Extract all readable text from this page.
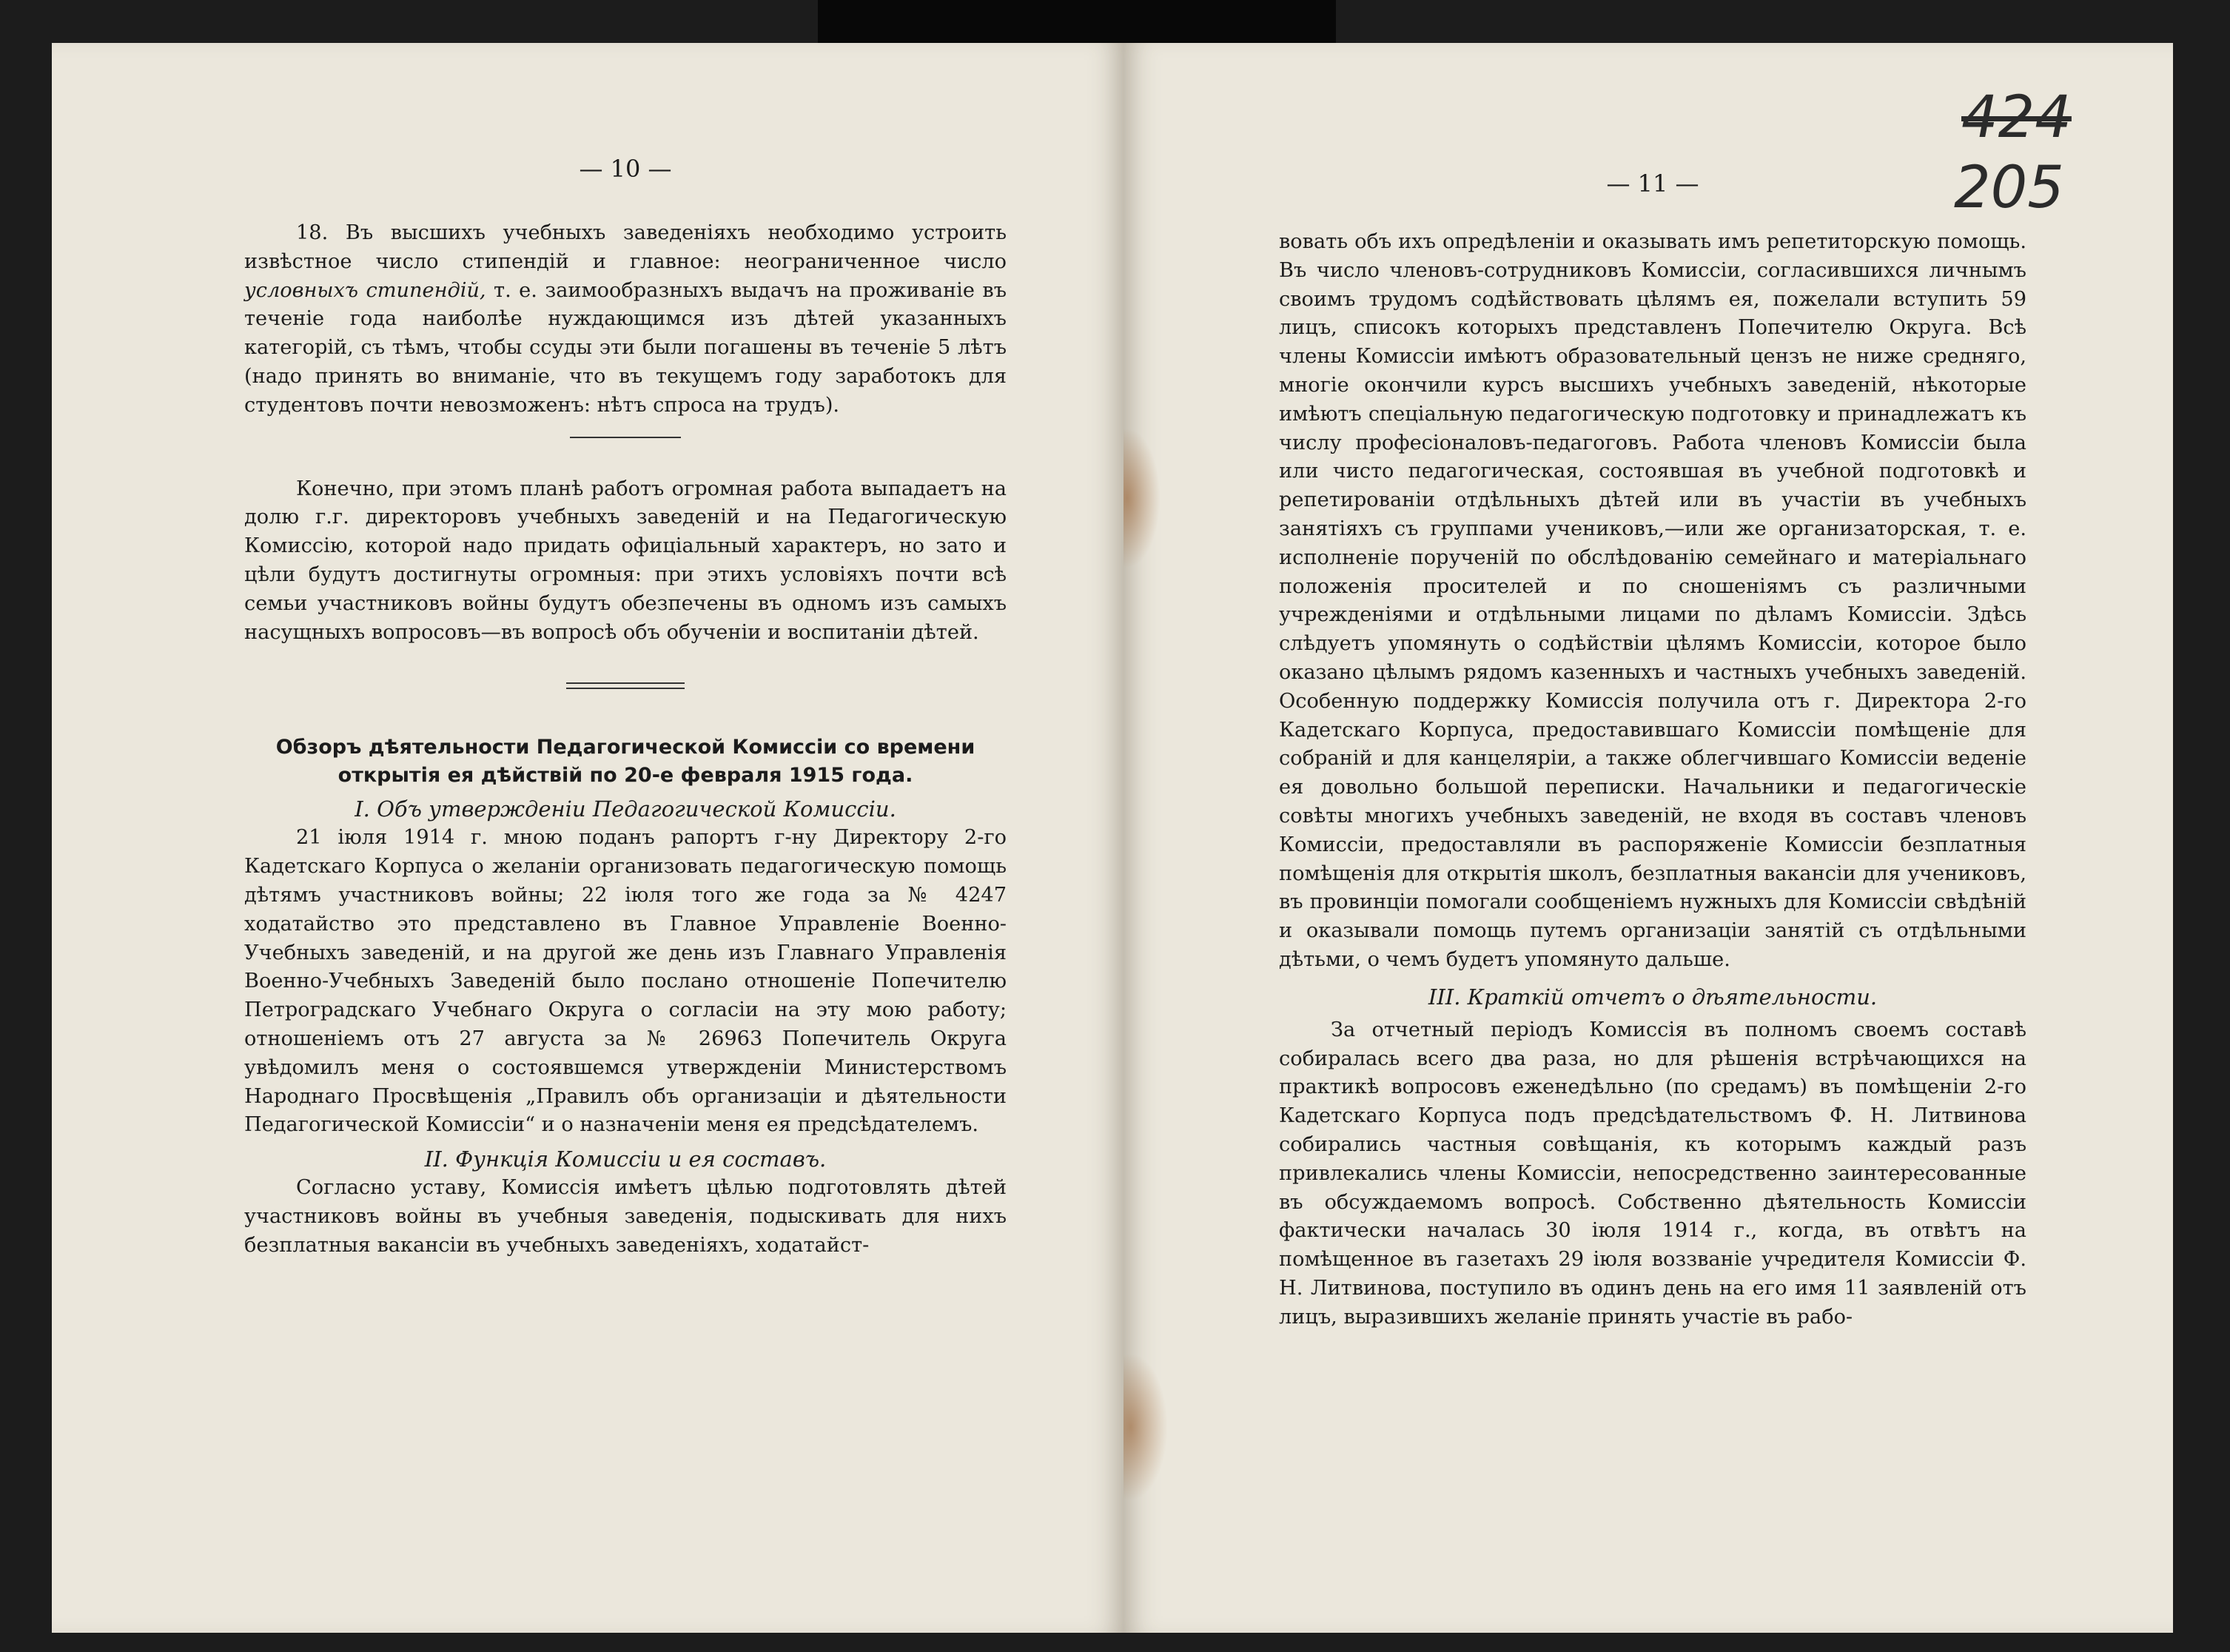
— 10 —

18. Въ высшихъ учебныхъ заведеніяхъ необходимо устроить извѣстное число стипендій и главное: неограниченное число условныхъ стипендій, т. е. заимообразныхъ выдачъ на проживанiе въ теченіе года наиболѣе нуждающимся изъ дѣтей указанныхъ категорій, съ тѣмъ, чтобы ссуды эти были погашены въ теченіе 5 лѣтъ (надо принять во вниманіе, что въ текущемъ году заработокъ для студентовъ почти невозможенъ: нѣтъ спроса на трудъ).

Конечно, при этомъ планѣ работъ огромная работа выпадаетъ на долю г.г. директоровъ учебныхъ заведеній и на Педагогическую Комиссію, которой надо придать офиціальный характеръ, но зато и цѣли будутъ достигнуты огромныя: при этихъ условіяхъ почти всѣ семьи участниковъ войны будутъ обезпечены въ одномъ изъ самыхъ насущныхъ вопросовъ—въ вопросѣ объ обученіи и воспитаніи дѣтей.

Обзоръ дѣятельности Педагогической Комиссіи со времени

открытія ея дѣйствій по 20-е февраля 1915 года.

I. Объ утвержденіи Педагогической Комиссіи.

21 іюля 1914 г. мною поданъ рапортъ г-ну Директору 2-го Кадетскаго Корпуса о желаніи организовать педагогическую помощь дѣтямъ участниковъ войны; 22 іюля того же года за № 4247 ходатайство это представлено въ Главное Управленіе Военно-Учебныхъ заведеній, и на другой же день изъ Главнаго Управленія Военно-Учебныхъ Заведеній было послано отношеніе Попечителю Петроградскаго Учебнаго Округа о согласіи на эту мою работу; отношеніемъ отъ 27 августа за № 26963 Попечитель Округа увѣдомилъ меня о состоявшемся утвержденіи Министерствомъ Народнаго Просвѣщенія „Правилъ объ организаціи и дѣятельности Педагогической Комиссіи“ и о назначеніи меня ея предсѣдателемъ.

II. Функція Комиссіи и ея составъ.

Согласно уставу, Комиссія имѣетъ цѣлью подготовлять дѣтей участниковъ войны въ учебныя заведенія, подыскивать для нихъ безплатныя вакансіи въ учебныхъ заведеніяхъ, ходатайст-

— 11 —

вовать объ ихъ опредѣленіи и оказывать имъ репетиторскую помощь. Въ число членовъ-сотрудниковъ Комиссіи, согласившихся личнымъ своимъ трудомъ содѣйствовать цѣлямъ ея, пожелали вступить 59 лицъ, списокъ которыхъ представленъ Попечителю Округа. Всѣ члены Комиссіи имѣютъ образовательный цензъ не ниже средняго, многіе окончили курсъ высшихъ учебныхъ заведеній, нѣкоторые имѣютъ спеціальную педагогическую подготовку и принадлежатъ къ числу професіоналовъ-педагоговъ. Работа членовъ Комиссіи была или чисто педагогическая, состоявшая въ учебной подготовкѣ и репетированіи отдѣльныхъ дѣтей или въ участіи въ учебныхъ занятіяхъ съ группами учениковъ,—или же организаторская, т. е. исполненіе порученій по обслѣдованію семейнаго и матеріальнаго положенія просителей и по сношеніямъ съ различными учрежденіями и отдѣльными лицами по дѣламъ Комиссіи. Здѣсь слѣдуетъ упомянуть о содѣйствіи цѣлямъ Комиссіи, которое было оказано цѣлымъ рядомъ казенныхъ и частныхъ учебныхъ заведеній. Особенную поддержку Комиссія получила отъ г. Директора 2-го Кадетскаго Корпуса, предоставившаго Комиссіи помѣщеніе для собраній и для канцеляріи, а также облегчившаго Комиссіи веденіе ея довольно большой переписки. Начальники и педагогическіе совѣты многихъ учебныхъ заведеній, не входя въ составъ членовъ Комиссіи, предоставляли въ распоряженіе Комиссіи безплатныя помѣщенія для открытія школъ, безплатныя вакансіи для учениковъ, въ провинціи помогали сообщеніемъ нужныхъ для Комиссіи свѣдѣній и оказывали помощь путемъ организаціи занятій съ отдѣльными дѣтьми, о чемъ будетъ упомянуто дальше.

III. Краткій отчетъ о дѣятельности.

За отчетный періодъ Комиссія въ полномъ своемъ составѣ собиралась всего два раза, но для рѣшенія встрѣчающихся на практикѣ вопросовъ еженедѣльно (по средамъ) въ помѣщеніи 2-го Кадетскаго Корпуса подъ предсѣдательствомъ Ф. Н. Литвинова собирались частныя совѣщанія, къ которымъ каждый разъ привлекались члены Комиссіи, непосредственно заинтересованные въ обсуждаемомъ вопросѣ. Собственно дѣятельность Комиссіи фактически началась 30 іюля 1914 г., когда, въ отвѣтъ на помѣщенное въ газетахъ 29 іюля воззваніе учредителя Комиссіи Ф. Н. Литвинова, поступило въ одинъ день на его имя 11 заявленій отъ лицъ, выразившихъ желаніе принять участіе въ рабо-

424
205
